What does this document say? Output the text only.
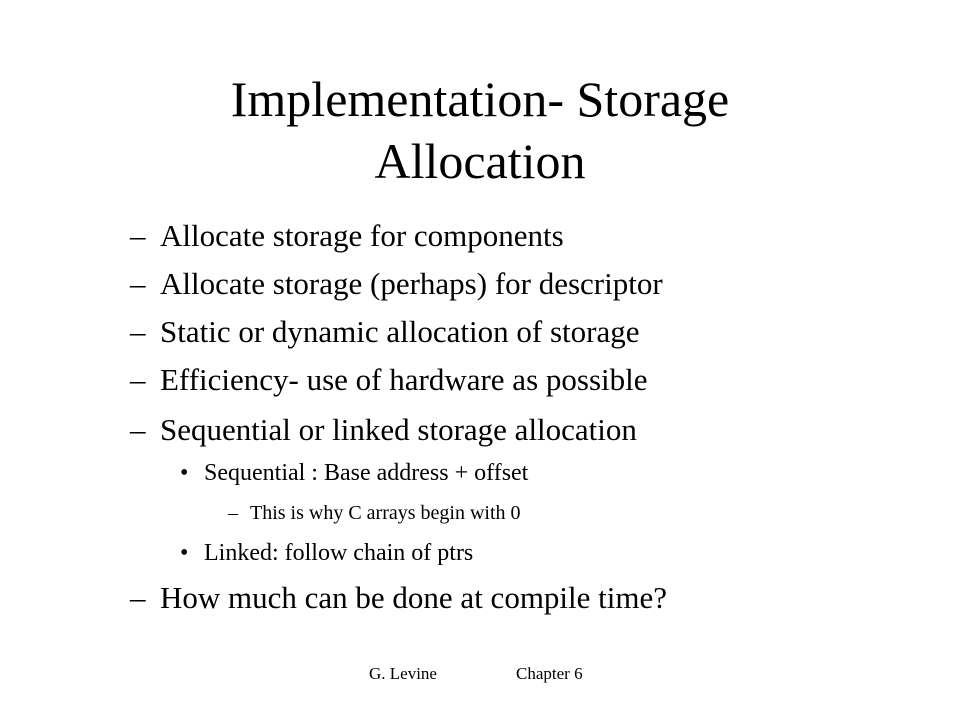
Implementation- Storage
Allocation
– Allocate storage for components
– Allocate storage (perhaps) for descriptor
– Static or dynamic allocation of storage
– Efficiency- use of hardware as possible
– Sequential or linked storage allocation
• Sequential : Base address + offset
– This is why C arrays begin with 0
• Linked: follow chain of ptrs
– How much can be done at compile time?
G. Levine	Chapter 6
